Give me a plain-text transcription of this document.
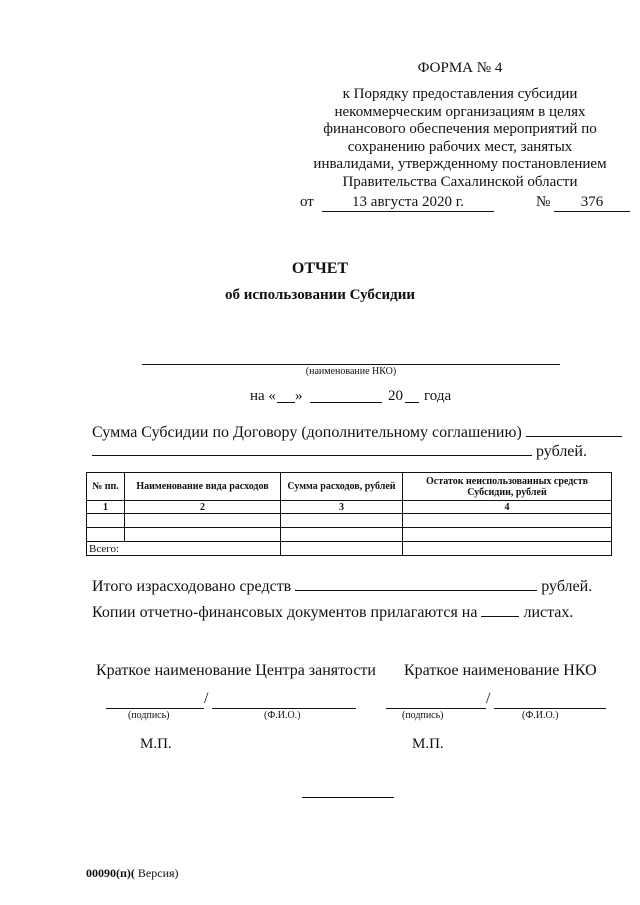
ФОРМА № 4
к Порядку предоставления субсидии
некоммерческим организациям в целях
финансового обеспечения мероприятий по
сохранению рабочих мест, занятых
инвалидами, утвержденному постановлением
Правительства Сахалинской области
от	13 августа 2020 г.	№	376
ОТЧЕТ
об использовании Субсидии
(наименование НКО)
на « »	20 года
Сумма Субсидии по Договору (дополнительному соглашению)
рублей.
№ пп.	Наименование вида расходов	Сумма расходов, рублей	Остаток неиспользованных средств Субсидии, рублей
1	2	3	4

Всего:			
Итого израсходовано средств	рублей.
Копии отчетно-финансовых документов прилагаются на	листах.
Краткое наименование Центра занятости Краткое наименование НКО
/	/
(подпись)	(Ф.И.О.)	(подпись)	(Ф.И.О.)
М.П.	М.П.
00090(п)( Версия)
